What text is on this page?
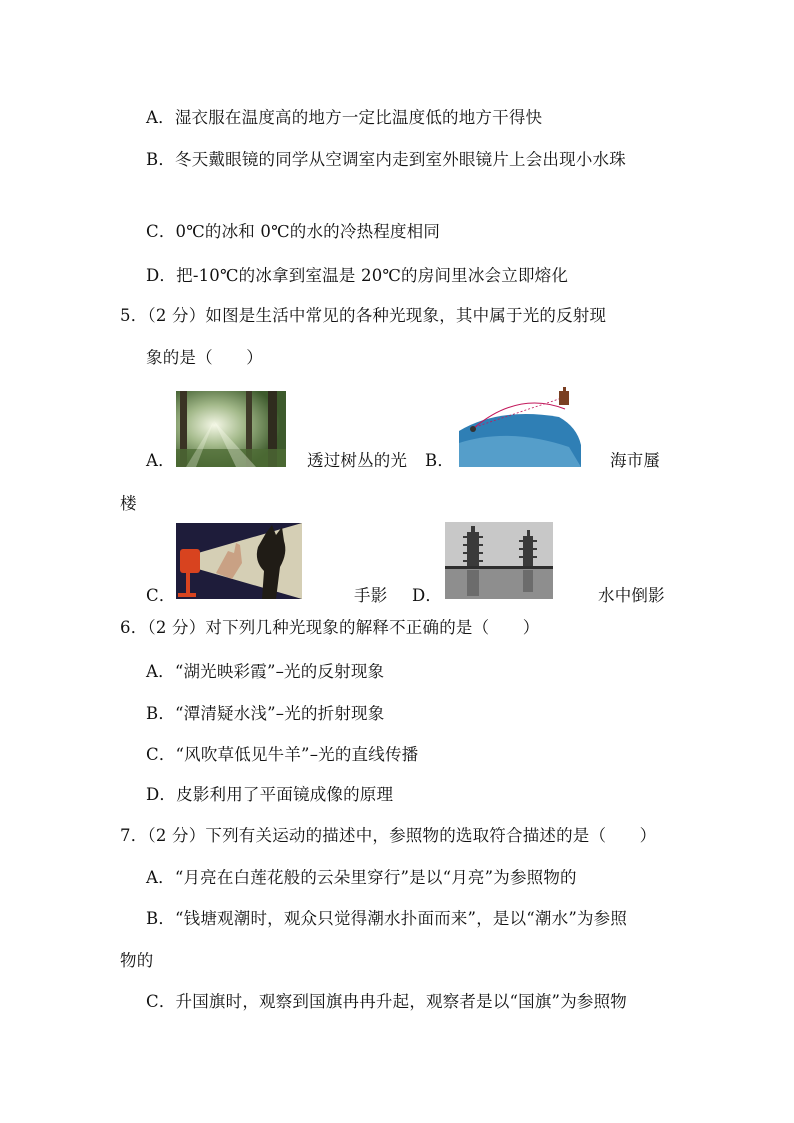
A．湿衣服在温度高的地方一定比温度低的地方干得快
B．冬天戴眼镜的同学从空调室内走到室外眼镜片上会出现小水珠
C．0℃的冰和 0℃的水的冷热程度相同
D．把-10℃的冰拿到室温是 20℃的房间里冰会立即熔化
5．（2 分）如图是生活中常见的各种光现象，其中属于光的反射现
象的是（　　）
A．	透过树丛的光 B．	海市蜃
楼
C．	手影 D．	水中倒影
6．（2 分）对下列几种光现象的解释不正确的是（　　）
A．“湖光映彩霞”–光的反射现象
B．“潭清疑水浅”–光的折射现象
C．“风吹草低见牛羊”–光的直线传播
D．皮影利用了平面镜成像的原理
7．（2 分）下列有关运动的描述中，参照物的选取符合描述的是（　　）
A．“月亮在白莲花般的云朵里穿行”是以“月亮”为参照物的
B．“钱塘观潮时，观众只觉得潮水扑面而来”，是以“潮水”为参照
物的
C．升国旗时，观察到国旗冉冉升起，观察者是以“国旗”为参照物
